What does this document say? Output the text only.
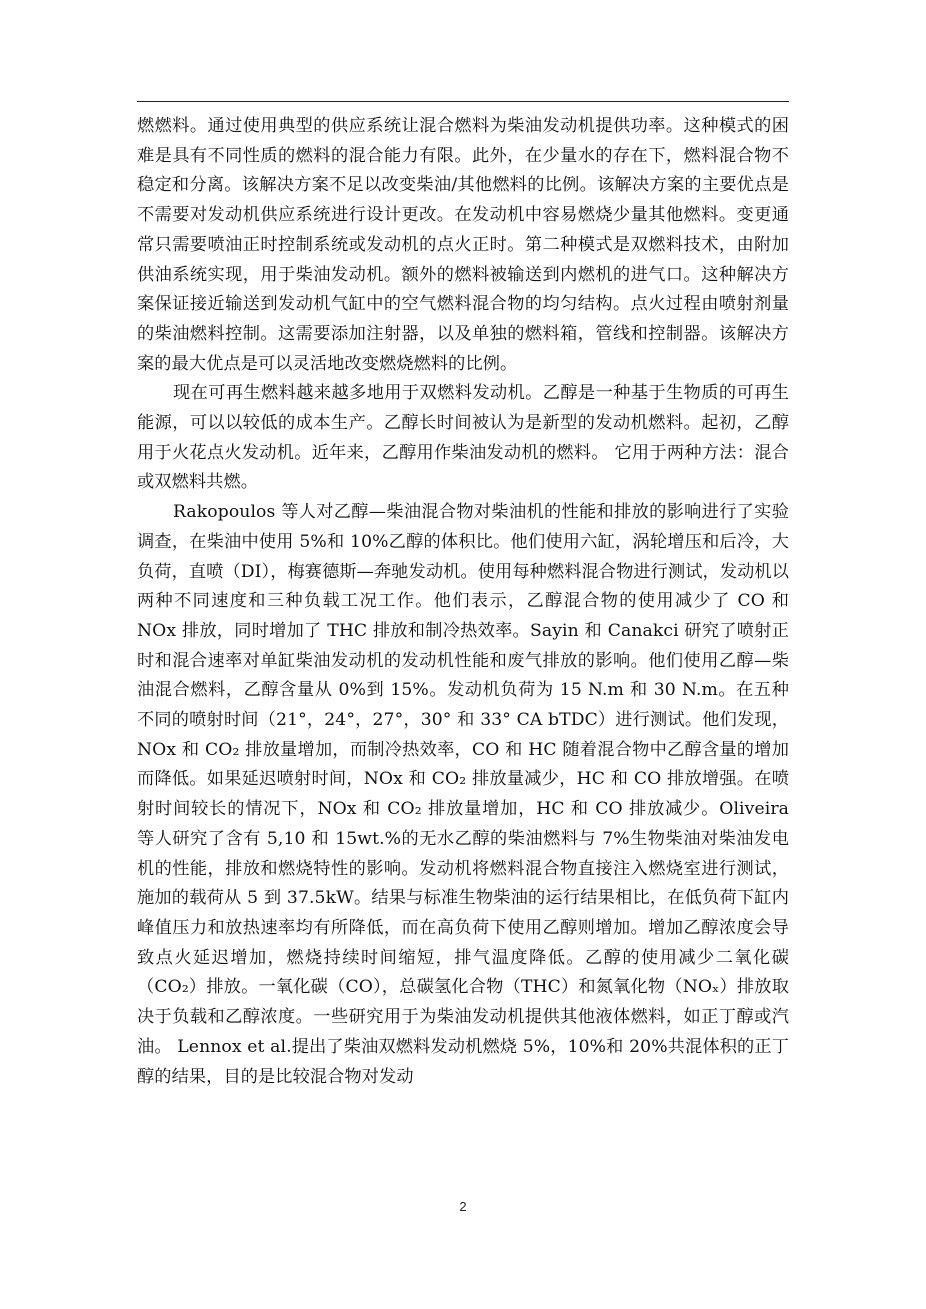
燃燃料。通过使用典型的供应系统让混合燃料为柴油发动机提供功率。这种模式的困难是具有不同性质的燃料的混合能力有限。此外，在少量水的存在下，燃料混合物不稳定和分离。该解决方案不足以改变柴油/其他燃料的比例。该解决方案的主要优点是不需要对发动机供应系统进行设计更改。在发动机中容易燃烧少量其他燃料。变更通常只需要喷油正时控制系统或发动机的点火正时。第二种模式是双燃料技术，由附加供油系统实现，用于柴油发动机。额外的燃料被输送到内燃机的进气口。这种解决方案保证接近输送到发动机气缸中的空气燃料混合物的均匀结构。点火过程由喷射剂量的柴油燃料控制。这需要添加注射器，以及单独的燃料箱，管线和控制器。该解决方案的最大优点是可以灵活地改变燃烧燃料的比例。

现在可再生燃料越来越多地用于双燃料发动机。乙醇是一种基于生物质的可再生能源，可以以较低的成本生产。乙醇长时间被认为是新型的发动机燃料。起初，乙醇用于火花点火发动机。近年来，乙醇用作柴油发动机的燃料。 它用于两种方法：混合或双燃料共燃。

Rakopoulos 等人对乙醇—柴油混合物对柴油机的性能和排放的影响进行了实验调查，在柴油中使用 5%和 10%乙醇的体积比。他们使用六缸，涡轮增压和后冷，大负荷，直喷（DI），梅赛德斯—奔驰发动机。使用每种燃料混合物进行测试，发动机以两种不同速度和三种负载工况工作。他们表示，乙醇混合物的使用减少了 CO 和 NOx 排放，同时增加了 THC 排放和制冷热效率。Sayin 和 Canakci 研究了喷射正时和混合速率对单缸柴油发动机的发动机性能和废气排放的影响。他们使用乙醇—柴油混合燃料，乙醇含量从 0%到 15%。发动机负荷为 15 N.m 和 30 N.m。在五种不同的喷射时间（21°，24°，27°，30° 和 33° CA bTDC）进行测试。他们发现，NOx 和 CO₂ 排放量增加，而制冷热效率，CO 和 HC 随着混合物中乙醇含量的增加而降低。如果延迟喷射时间，NOx 和 CO₂ 排放量减少，HC 和 CO 排放增强。在喷射时间较长的情况下，NOx 和 CO₂ 排放量增加，HC 和 CO 排放减少。Oliveira 等人研究了含有 5,10 和 15wt.%的无水乙醇的柴油燃料与 7%生物柴油对柴油发电机的性能，排放和燃烧特性的影响。发动机将燃料混合物直接注入燃烧室进行测试，施加的载荷从 5 到 37.5kW。结果与标准生物柴油的运行结果相比，在低负荷下缸内峰值压力和放热速率均有所降低，而在高负荷下使用乙醇则增加。增加乙醇浓度会导致点火延迟增加，燃烧持续时间缩短，排气温度降低。乙醇的使用减少二氧化碳（CO₂）排放。一氧化碳（CO），总碳氢化合物（THC）和氮氧化物（NOₓ）排放取决于负载和乙醇浓度。一些研究用于为柴油发动机提供其他液体燃料，如正丁醇或汽油。 Lennox et al.提出了柴油双燃料发动机燃烧 5%，10%和 20%共混体积的正丁醇的结果，目的是比较混合物对发动

2
